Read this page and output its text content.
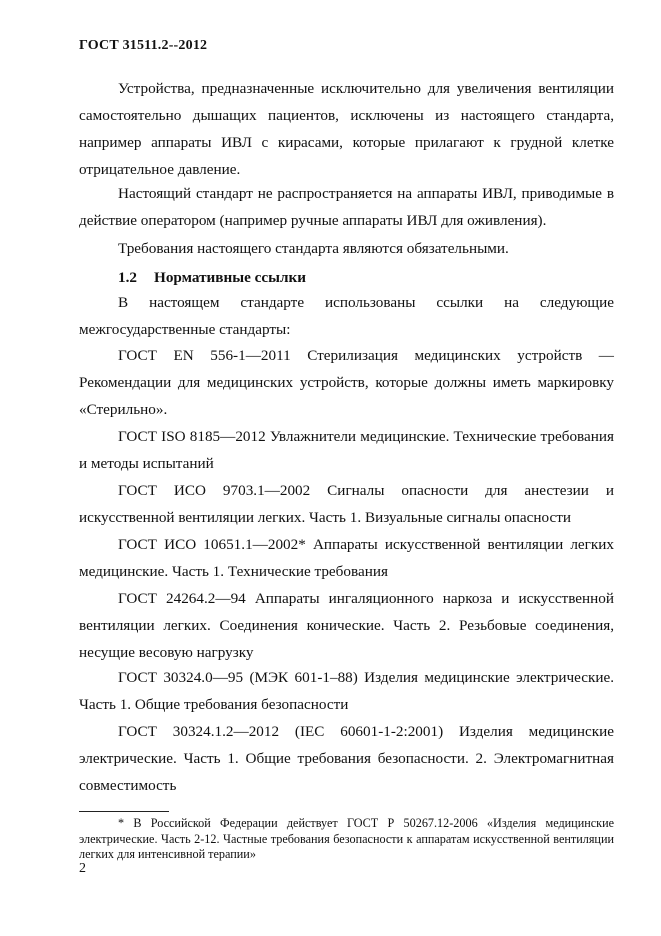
ГОСТ 31511.2--2012

Устройства, предназначенные исключительно для увеличения вентиляции самостоятельно дышащих пациентов, исключены из настоящего стандарта, например аппараты ИВЛ с кирасами, которые прилагают к грудной клетке отрицательное давление.

Настоящий стандарт не распространяется на аппараты ИВЛ, приводимые в действие оператором (например ручные аппараты ИВЛ для оживления).

Требования настоящего стандарта являются обязательными.

1.2 Нормативные ссылки

В настоящем стандарте использованы ссылки на следующие межгосударственные стандарты:

ГОСТ EN 556-1—2011 Стерилизация медицинских устройств — Рекомендации для медицинских устройств, которые должны иметь маркировку «Стерильно».

ГОСТ ISO 8185—2012 Увлажнители медицинские. Технические требования и методы испытаний

ГОСТ ИСО 9703.1—2002 Сигналы опасности для анестезии и искусственной вентиляции легких. Часть 1. Визуальные сигналы опасности

ГОСТ ИСО 10651.1—2002* Аппараты искусственной вентиляции легких медицинские. Часть 1. Технические требования

ГОСТ 24264.2—94 Аппараты ингаляционного наркоза и искусственной вентиляции легких. Соединения конические. Часть 2. Резьбовые соединения, несущие весовую нагрузку

ГОСТ 30324.0—95 (МЭК 601-1–88) Изделия медицинские электрические. Часть 1. Общие требования безопасности

ГОСТ 30324.1.2—2012 (IEC 60601-1-2:2001) Изделия медицинские электрические. Часть 1. Общие требования безопасности. 2. Электромагнитная совместимость

* В Российской Федерации действует ГОСТ Р 50267.12-2006 «Изделия медицинские электрические. Часть 2-12. Частные требования безопасности к аппаратам искусственной вентиляции легких для интенсивной терапии»

2
